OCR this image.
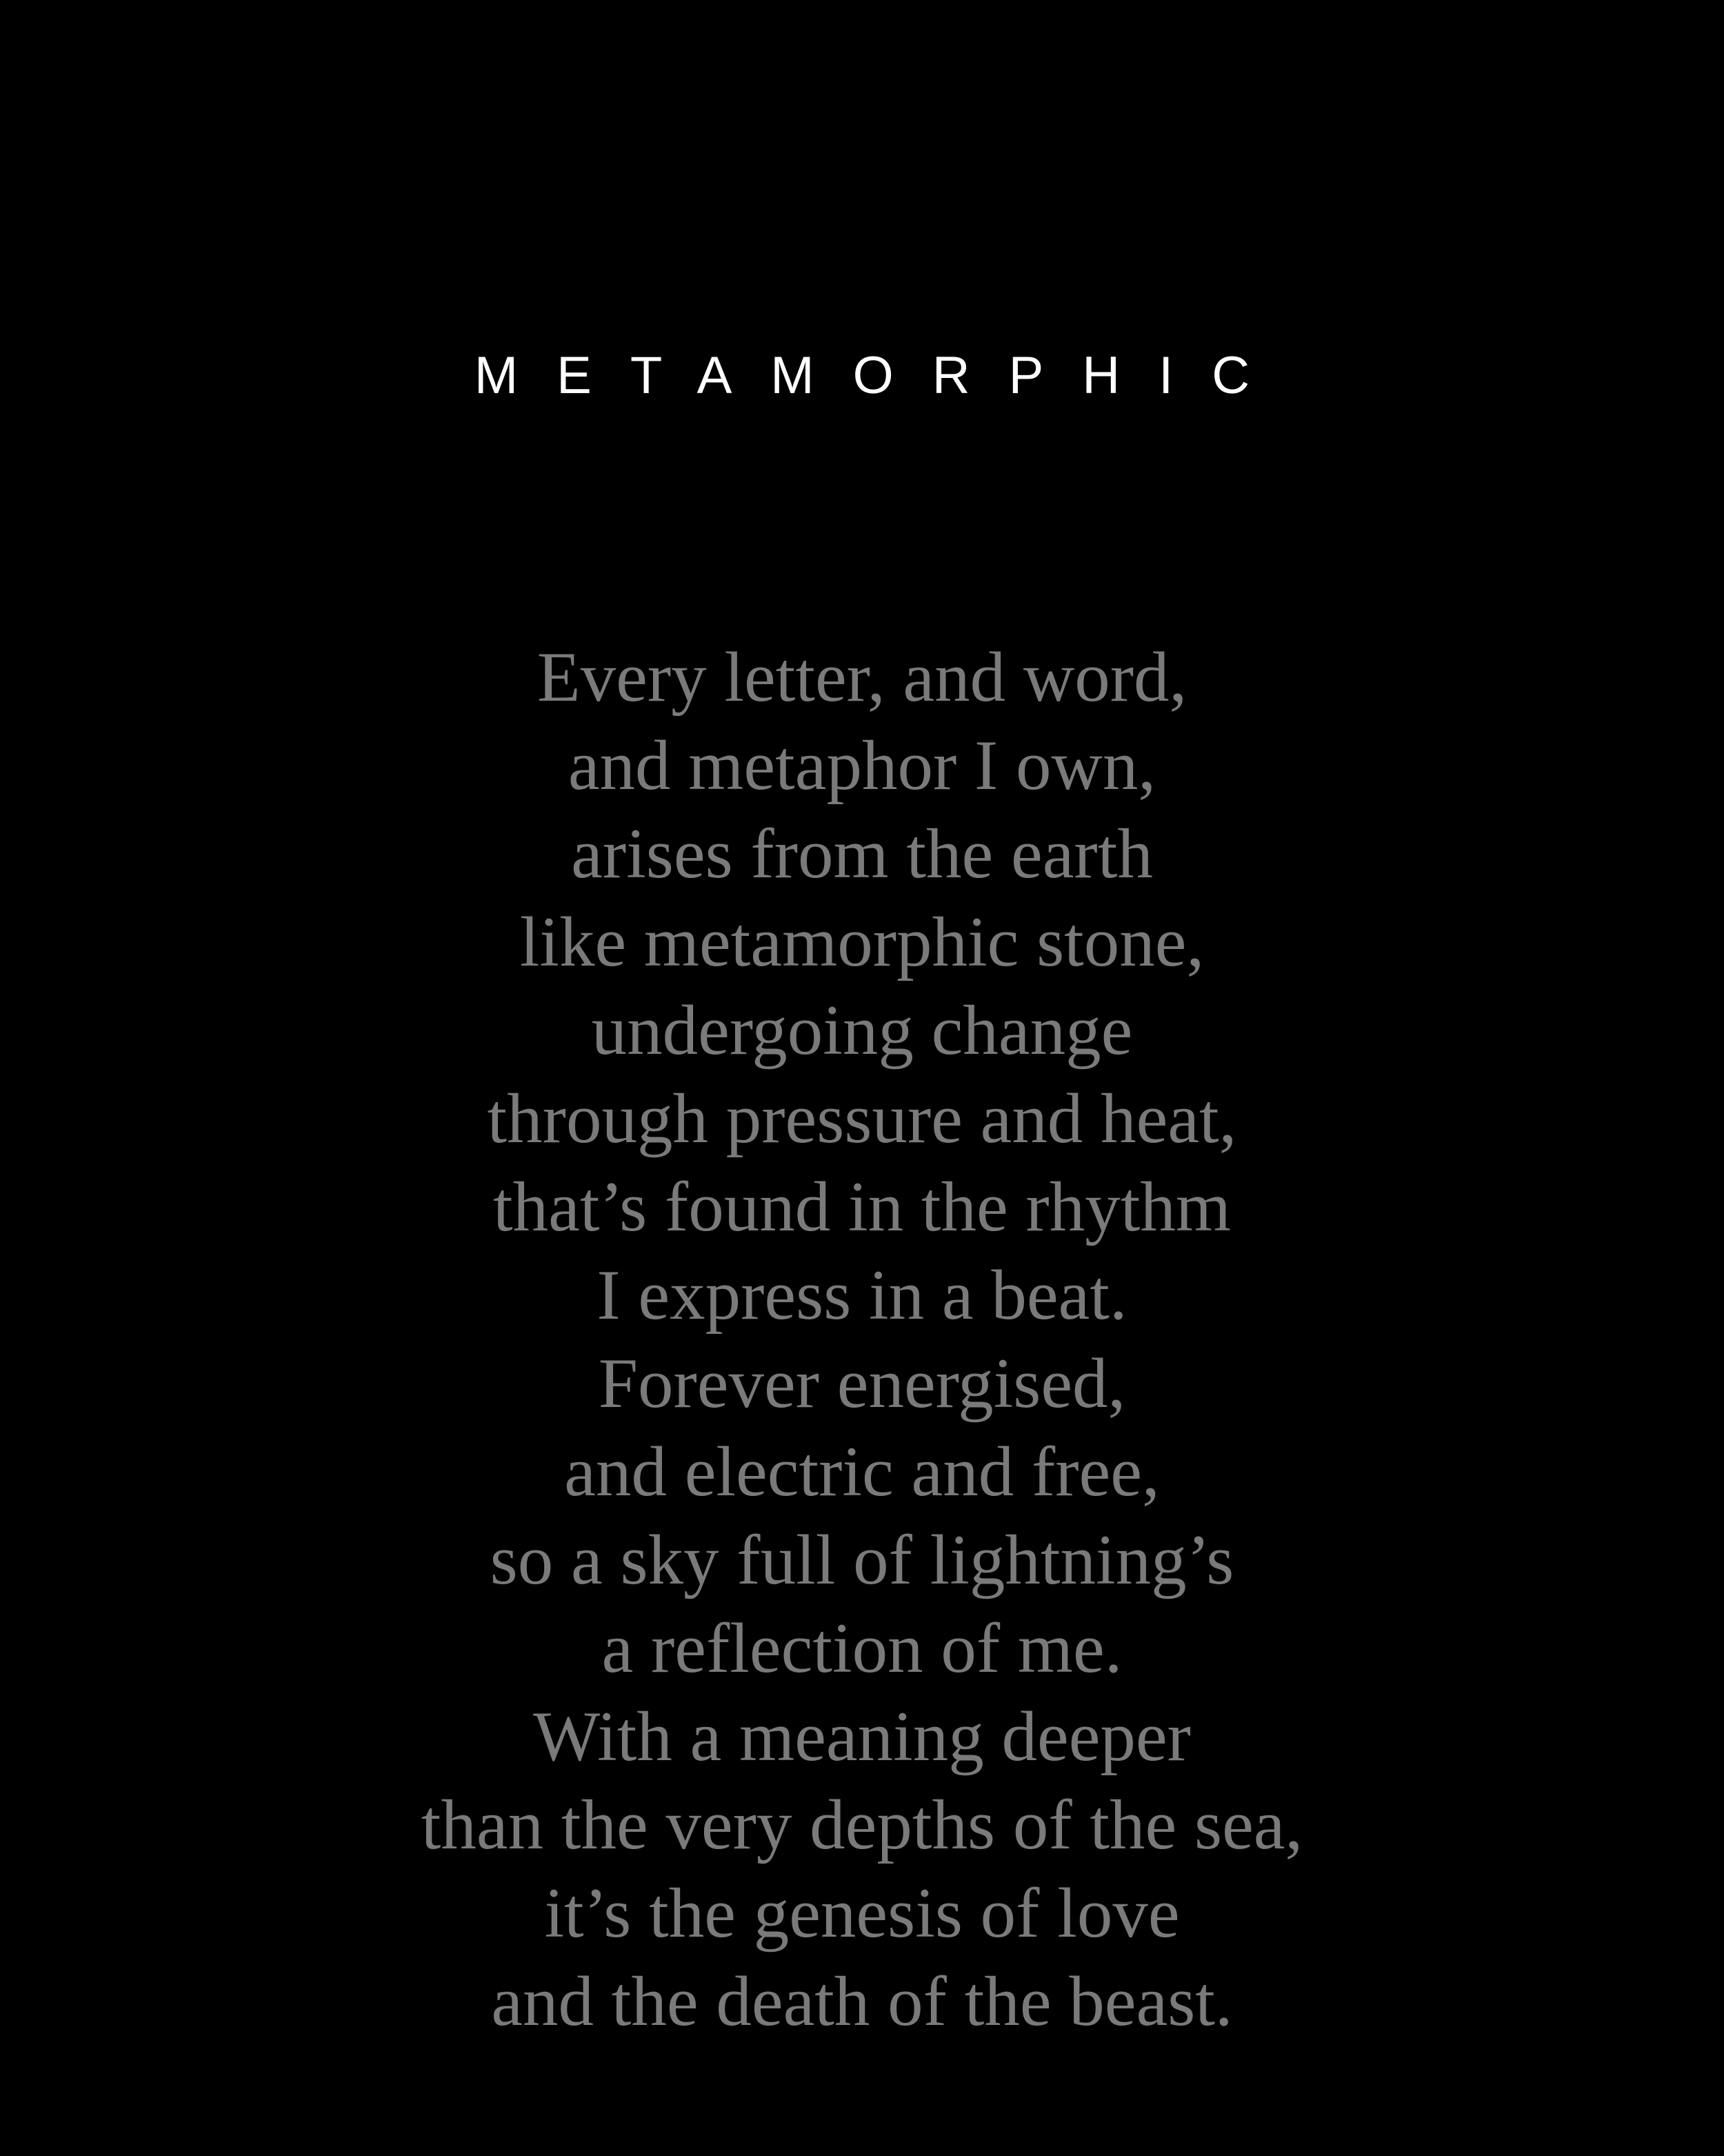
METAMORPHIC
Every letter, and word,
and metaphor I own,
arises from the earth
like metamorphic stone,
undergoing change
through pressure and heat,
that’s found in the rhythm
I express in a beat.
Forever energised,
and electric and free,
so a sky full of lightning’s
a reflection of me.
With a meaning deeper
than the very depths of the sea,
it’s the genesis of love
and the death of the beast.
